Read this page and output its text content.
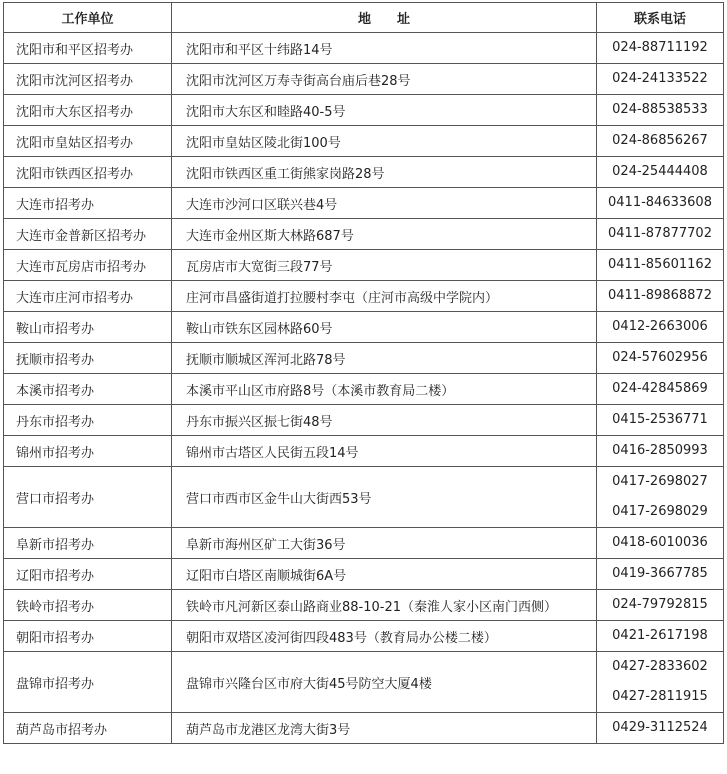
工作单位	地　　址	联系电话
沈阳市和平区招考办	沈阳市和平区十纬路14号	024-88711192

沈阳市沈河区招考办	沈阳市沈河区万寿寺街高台庙后巷28号	024-24133522

沈阳市大东区招考办	沈阳市大东区和睦路40-5号	024-88538533

沈阳市皇姑区招考办	沈阳市皇姑区陵北街100号	024-86856267

沈阳市铁西区招考办	沈阳市铁西区重工街熊家岗路28号	024-25444408

大连市招考办	大连市沙河口区联兴巷4号	0411-84633608

大连市金普新区招考办	大连市金州区斯大林路687号	0411-87877702

大连市瓦房店市招考办	瓦房店市大宽街三段77号	0411-85601162

大连市庄河市招考办	庄河市昌盛街道打拉腰村李屯（庄河市高级中学院内）	0411-89868872

鞍山市招考办	鞍山市铁东区园林路60号	0412-2663006

抚顺市招考办	抚顺市顺城区浑河北路78号	024-57602956

本溪市招考办	本溪市平山区市府路8号（本溪市教育局二楼）	024-42845869

丹东市招考办	丹东市振兴区振七街48号	0415-2536771

锦州市招考办	锦州市古塔区人民街五段14号	0416-2850993

营口市招考办	营口市西市区金牛山大街西53号	0417-2698027
0417-2698029

阜新市招考办	阜新市海州区矿工大街36号	0418-6010036

辽阳市招考办	辽阳市白塔区南顺城街6A号	0419-3667785

铁岭市招考办	铁岭市凡河新区泰山路商业88-10-21（秦淮人家小区南门西侧）	024-79792815

朝阳市招考办	朝阳市双塔区凌河街四段483号（教育局办公楼二楼）	0421-2617198

盘锦市招考办	盘锦市兴隆台区市府大街45号防空大厦4楼	0427-2833602
0427-2811915

葫芦岛市招考办	葫芦岛市龙港区龙湾大街3号	0429-3112524
